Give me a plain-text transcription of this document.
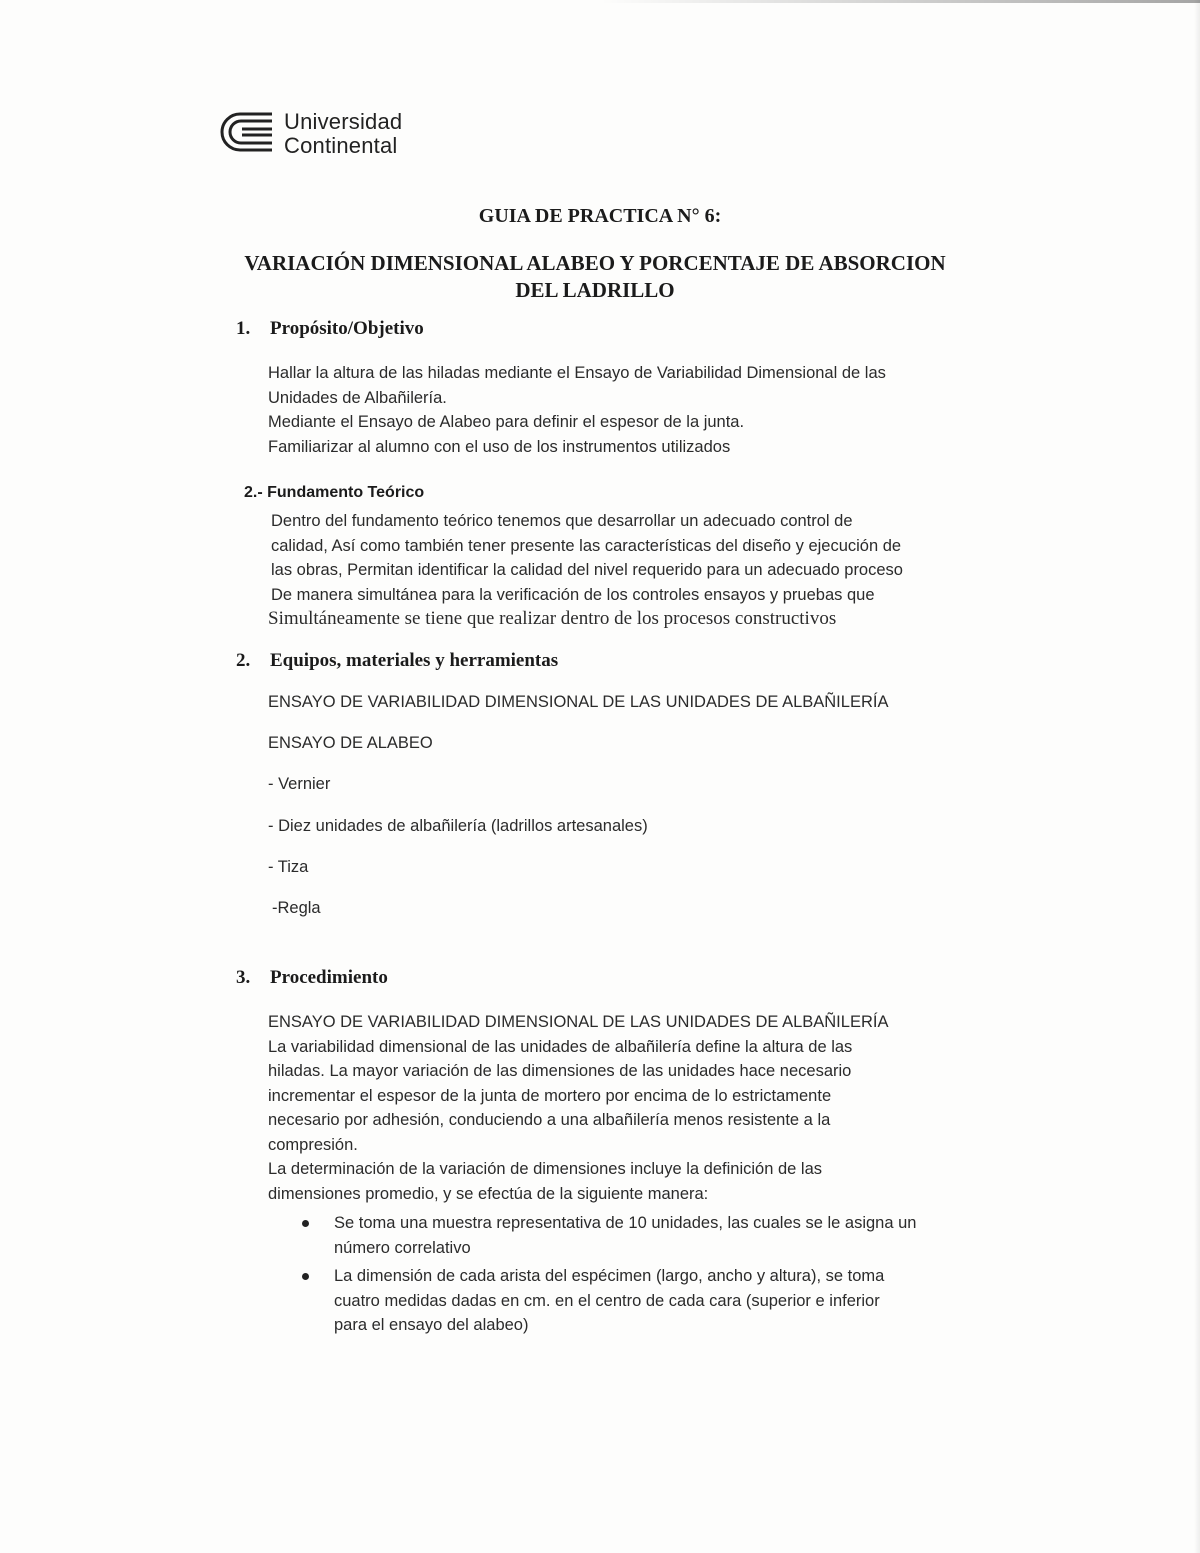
Universidad
Continental
GUIA DE PRACTICA N° 6:
VARIACIÓN DIMENSIONAL ALABEO Y PORCENTAJE DE ABSORCION
DEL LADRILLO
1. Propósito/Objetivo
Hallar la altura de las hiladas mediante el Ensayo de Variabilidad Dimensional de las
Unidades de Albañilería.
Mediante el Ensayo de Alabeo para definir el espesor de la junta.
Familiarizar al alumno con el uso de los instrumentos utilizados
2.- Fundamento Teórico
Dentro del fundamento teórico tenemos que desarrollar un adecuado control de
calidad, Así como también tener presente las características del diseño y ejecución de
las obras, Permitan identificar la calidad del nivel requerido para un adecuado proceso
De manera simultánea para la verificación de los controles ensayos y pruebas que
Simultáneamente se tiene que realizar dentro de los procesos constructivos
2. Equipos, materiales y herramientas
ENSAYO DE VARIABILIDAD DIMENSIONAL DE LAS UNIDADES DE ALBAÑILERÍA
ENSAYO DE ALABEO
- Vernier
- Diez unidades de albañilería (ladrillos artesanales)
- Tiza
-Regla
3. Procedimiento
ENSAYO DE VARIABILIDAD DIMENSIONAL DE LAS UNIDADES DE ALBAÑILERÍA
La variabilidad dimensional de las unidades de albañilería define la altura de las
hiladas. La mayor variación de las dimensiones de las unidades hace necesario
incrementar el espesor de la junta de mortero por encima de lo estrictamente
necesario por adhesión, conduciendo a una albañilería menos resistente a la
compresión.
La determinación de la variación de dimensiones incluye la definición de las
dimensiones promedio, y se efectúa de la siguiente manera:
Se toma una muestra representativa de 10 unidades, las cuales se le asigna un
número correlativo
La dimensión de cada arista del espécimen (largo, ancho y altura), se toma
cuatro medidas dadas en cm. en el centro de cada cara (superior e inferior
para el ensayo del alabeo)
